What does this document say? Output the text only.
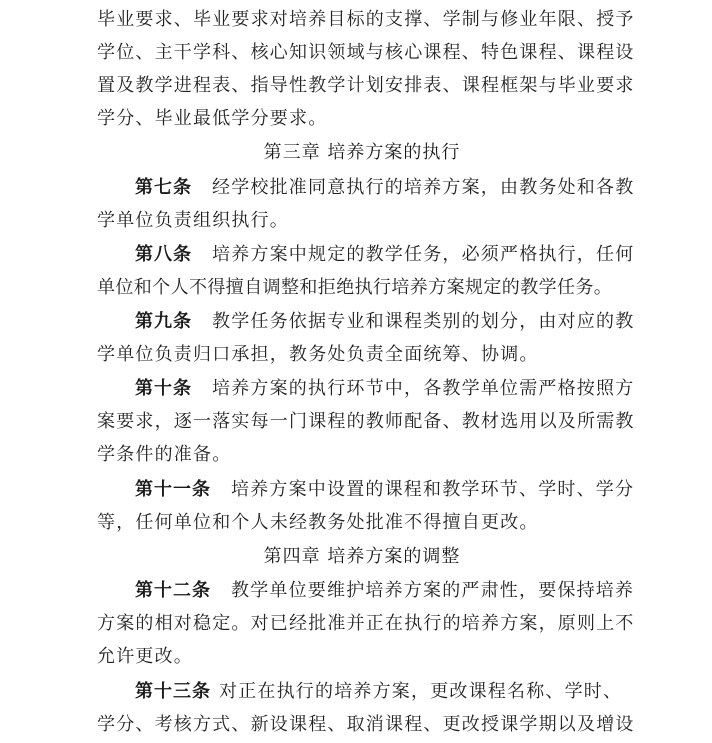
毕业要求、毕业要求对培养目标的支撑、学制与修业年限、授予
学位、主干学科、核心知识领域与核心课程、特色课程、课程设
置及教学进程表、指导性教学计划安排表、课程框架与毕业要求
学分、毕业最低学分要求。
第三章 培养方案的执行
第七条 经学校批准同意执行的培养方案，由教务处和各教
学单位负责组织执行。
第八条 培养方案中规定的教学任务，必须严格执行，任何
单位和个人不得擅自调整和拒绝执行培养方案规定的教学任务。
第九条 教学任务依据专业和课程类别的划分，由对应的教
学单位负责归口承担，教务处负责全面统筹、协调。
第十条 培养方案的执行环节中，各教学单位需严格按照方
案要求，逐一落实每一门课程的教师配备、教材选用以及所需教
学条件的准备。
第十一条 培养方案中设置的课程和教学环节、学时、学分
等，任何单位和个人未经教务处批准不得擅自更改。
第四章 培养方案的调整
第十二条 教学单位要维护培养方案的严肃性，要保持培养
方案的相对稳定。对已经批准并正在执行的培养方案，原则上不
允许更改。
第十三条 对正在执行的培养方案，更改课程名称、学时、
学分、考核方式、新设课程、取消课程、更改授课学期以及增设
